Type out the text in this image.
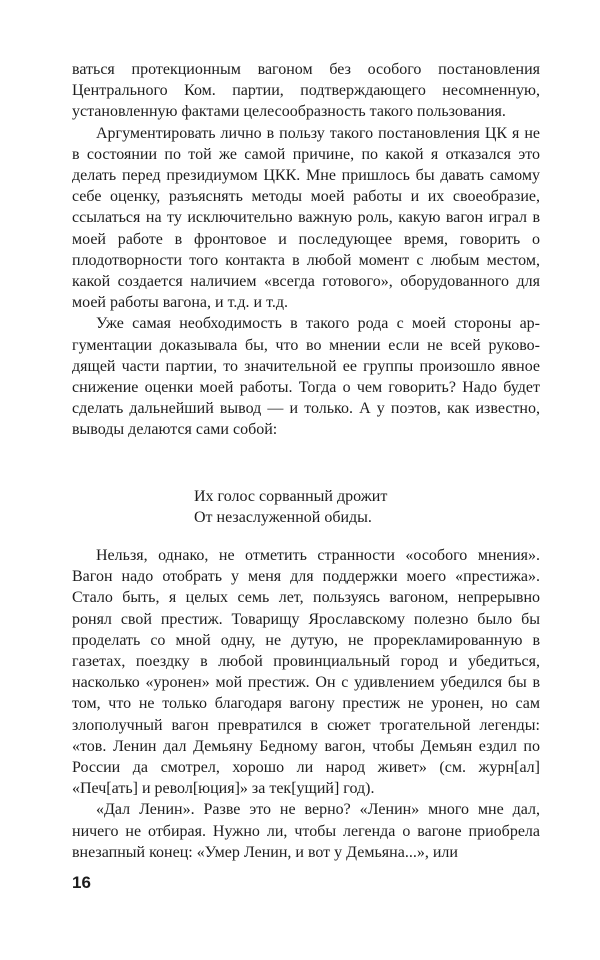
ваться протекционным вагоном без особого постановления Центрального Ком. партии, подтверждающего несомненную, установленную фактами целесообразность такого пользования.

Аргументировать лично в пользу такого постановления ЦК я не в состоянии по той же самой причине, по какой я отказался это делать перед президиумом ЦКК. Мне пришлось бы давать самому себе оценку, разъяснять методы моей работы и их своеобразие, ссылаться на ту исключительно важную роль, какую вагон играл в моей работе в фронтовое и последующее время, говорить о плодотворности того контакта в любой момент с любым местом, какой создается наличием «всегда готового», оборудованного для моей работы вагона, и т.д. и т.д.

Уже самая необходимость в такого рода с моей стороны аргументации доказывала бы, что во мнении если не всей руководящей части партии, то значительной ее группы произошло явное снижение оценки моей работы. Тогда о чем говорить? Надо будет сделать дальнейший вывод — и только. А у поэтов, как известно, выводы делаются сами собой:

Их голос сорванный дрожит
От незаслуженной обиды.

Нельзя, однако, не отметить странности «особого мнения». Вагон надо отобрать у меня для поддержки моего «престижа». Стало быть, я целых семь лет, пользуясь вагоном, непрерывно ронял свой престиж. Товарищу Ярославскому полезно было бы проделать со мной одну, не дутую, не прорекламированную в газетах, поездку в любой провинциальный город и убедиться, насколько «уронен» мой престиж. Он с удивлением убедился бы в том, что не только благодаря вагону престиж не уронен, но сам злополучный вагон превратился в сюжет трогательной легенды: «тов. Ленин дал Демьяну Бедному вагон, чтобы Демьян ездил по России да смотрел, хорошо ли народ живет» (см. журн[ал] «Печ[ать] и револ[юция]» за тек[ущий] год).

«Дал Ленин». Разве это не верно? «Ленин» много мне дал, ничего не отбирая. Нужно ли, чтобы легенда о вагоне приобрела внезапный конец: «Умер Ленин, и вот у Демьяна...», или

16
